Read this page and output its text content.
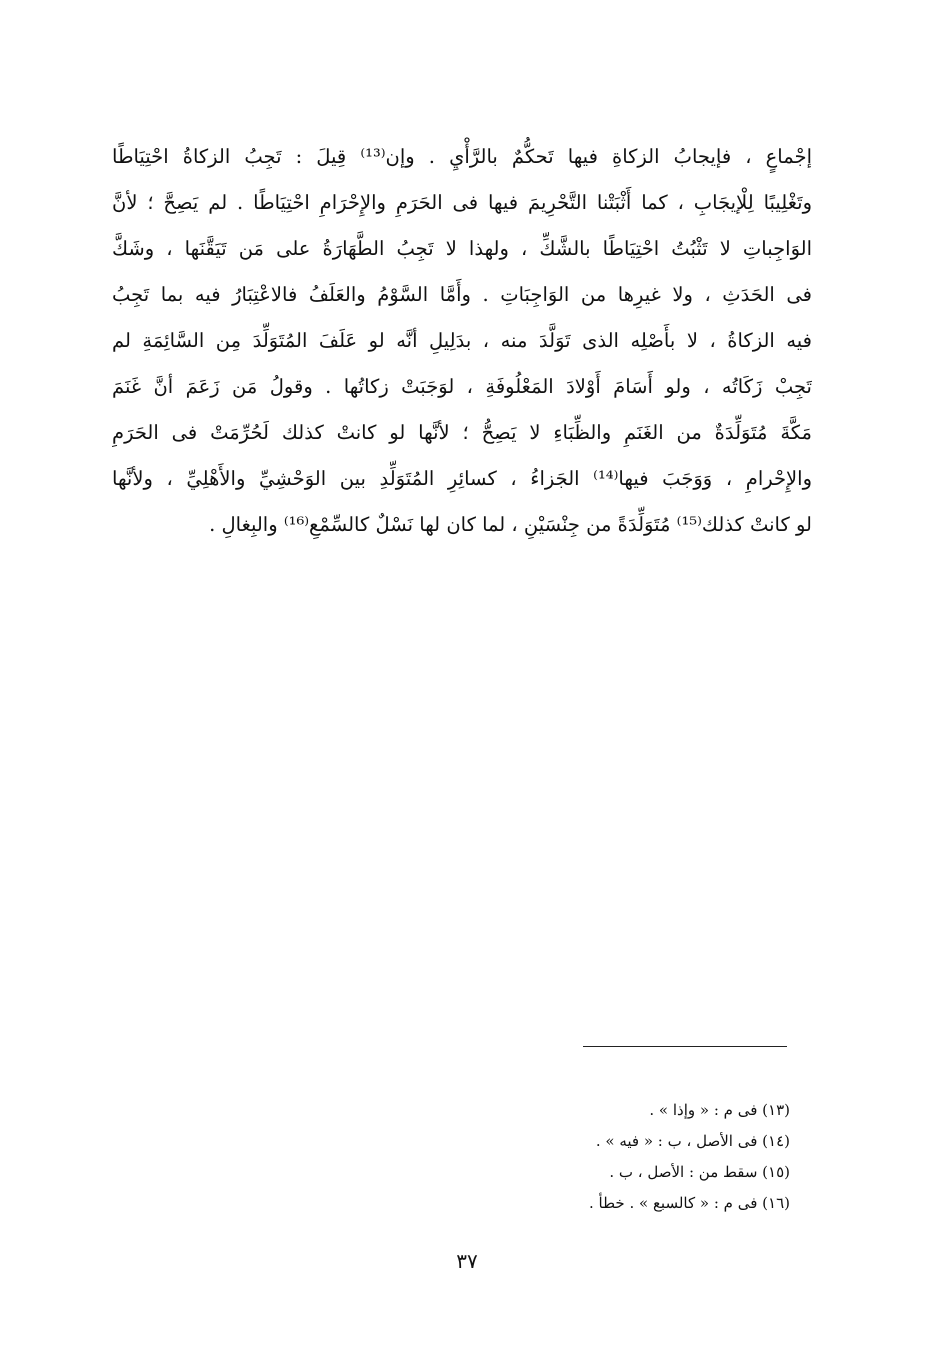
إجْماعٍ ، فإيجابُ الزكاةِ فيها تَحكُّمٌ بالرَّأْيِ . وإن⁽¹³⁾ قِيلَ : تَجِبُ الزكاةُ احْتِيَاطًا
وتَغْلِيبًا لِلْإيجَابِ ، كما أَثْبَتْنا التَّحْرِيمَ فيها فى الحَرَمِ والإِحْرَامِ احْتِيَاطًا . لم يَصِحَّ ؛ لأنَّ
الوَاجِباتِ لا تَثْبُتُ احْتِيَاطًا بالشَّكِّ ، ولهذا لا تَجِبُ الطَّهَارَةُ على مَن تَيَقَّنَها ، وشَكَّ
فى الحَدَثِ ، ولا غيرِها من الوَاجِبَاتِ . وأَمَّا السَّوْمُ والعَلَفُ فالاعْتِبَارُ فيه بما تَجِبُ
فيه الزكاةُ ، لا بأَصْلِه الذى تَوَلَّدَ منه ، بدَلِيلِ أنَّه لو عَلَفَ المُتَوَلِّدَ مِن السَّائِمَةِ لم
تَجِبْ زَكَاتُه ، ولو أَسَامَ أَوْلادَ المَعْلُوفَةِ ، لوَجَبَتْ زكاتُها . وقولُ مَن زَعَمَ أنَّ غَنَمَ
مَكَّةَ مُتَوَلِّدَةٌ من الغَنَمِ والظِّبَاءِ لا يَصِحُّ ؛ لأنَّها لو كانتْ كذلك لَحُرِّمَتْ فى الحَرَمِ
والإِحْرامِ ، وَوَجَبَ فيها⁽¹⁴⁾ الجَزاءُ ، كسائِرِ المُتَوَلِّدِ بين الوَحْشِيِّ والأَهْلِيِّ ، ولأنَّها
لو كانتْ كذلك⁽¹⁵⁾ مُتَوَلِّدَةً من جِنْسَيْنِ ، لما كان لها نَسْلٌ كالسِّمْعِ⁽¹⁶⁾ والبِغالِ .
(١٣) فى م : « وإذا » .
(١٤) فى الأصل ، ب : « فيه » .
(١٥) سقط من : الأصل ، ب .
(١٦) فى م : « كالسبع » . خطأ .
٣٧
